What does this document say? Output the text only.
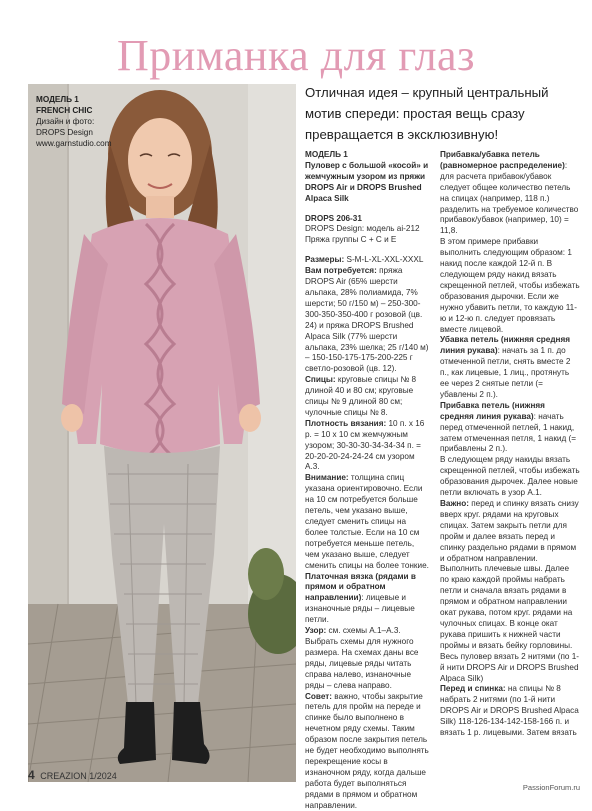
Приманка для глаз
МОДЕЛЬ 1
FRENCH CHIC
Дизайн и фото:
DROPS Design
www.garnstudio.com
Отличная идея – крупный центральный мотив спереди: простая вещь сразу превращается в эксклюзивную!

МОДЕЛЬ 1

Пуловер с большой «косой» и жемчужным узором из пряжи DROPS Air и DROPS Brushed Alpaca Silk

DROPS 206-31

DROPS Design: модель ai-212

Пряжа группы С + С и Е

Размеры: S-M-L-XL-XXL-XXXL

Вам потребуется: пряжа DROPS Air (65% шерсти альпака, 28% полиамида, 7% шерсти; 50 г/150 м) – 250-300-300-350-350-400 г розовой (цв. 24) и пряжа DROPS Brushed Alpaca Silk (77% шерсти альпака, 23% шелка; 25 г/140 м) – 150-150-175-175-200-225 г светло-розовой (цв. 12).

Спицы: круговые спицы № 8 длиной 40 и 80 см; круговые спицы № 9 длиной 80 см; чулочные спицы № 8.

Плотность вязания: 10 п. х 16 р. = 10 х 10 см жемчужным узором; 30-30-30-34-34-34 п. = 20-20-20-24-24-24 см узором А.3.

Внимание: толщина спиц указана ориентировочно. Если на 10 см потребуется больше петель, чем указано выше, следует сменить спицы на более толстые. Если на 10 см потребуется меньше петель, чем указано выше, следует сменить спицы на более тонкие.

Платочная вязка (рядами в прямом и обратном направлении): лицевые и изнаночные ряды – лицевые петли.

Узор: см. схемы А.1–А.3. Выбрать схемы для нужного размера. На схемах даны все ряды, лицевые ряды читать справа налево, изнаночные ряды – слева направо.

Совет: важно, чтобы закрытие петель для пройм на переде и спинке было выполнено в нечетном ряду схемы. Таким образом после закрытия петель не будет необходимо выполнять перекрещение косы в изнаночном ряду, когда дальше работа будет выполняться рядами в прямом и обратном направлении.

Прибавка/убавка петель (равномерное распределение): для расчета прибавок/убавок следует общее количество петель на спицах (например, 118 п.) разделить на требуемое количество прибавок/убавок (например, 10) = 11,8.

В этом примере прибавки выполнить следующим образом: 1 накид после каждой 12-й п. В следующем ряду накид вязать скрещенной петлей, чтобы избежать образования дырочки. Если же нужно убавить петли, то каждую 11-ю и 12-ю п. следует провязать вместе лицевой.

Убавка петель (нижняя средняя линия рукава): начать за 1 п. до отмеченной петли, снять вместе 2 п., как лицевые, 1 лиц., протянуть ее через 2 снятые петли (= убавлены 2 п.).

Прибавка петель (нижняя средняя линия рукава): начать перед отмеченной петлей, 1 накид, затем отмеченная петля, 1 накид (= прибавлены 2 п.).

В следующем ряду накиды вязать скрещенной петлей, чтобы избежать образования дырочек. Далее новые петли включать в узор А.1.

Важно: перед и спинку вязать снизу вверх круг. рядами на круговых спицах. Затем закрыть петли для пройм и далее вязать перед и спинку раздельно рядами в прямом и обратном направлении. Выполнить плечевые швы. Далее по краю каждой проймы набрать петли и сначала вязать рядами в прямом и обратном направлении окат рукава, потом круг. рядами на чулочных спицах. В конце окат рукава пришить к нижней части проймы и вязать бейку горловины. Весь пуловер вязать 2 нитями (по 1-й нити DROPS Air и DROPS Brushed Alpaca Silk)

Перед и спинка: на спицы № 8 набрать 2 нитями (по 1-й нити DROPS Air и DROPS Brushed Alpaca Silk) 118-126-134-142-158-166 п. и вязать 1 р. лицевыми. Затем вязать

4 CREAZION 1/2024
PassionForum.ru
